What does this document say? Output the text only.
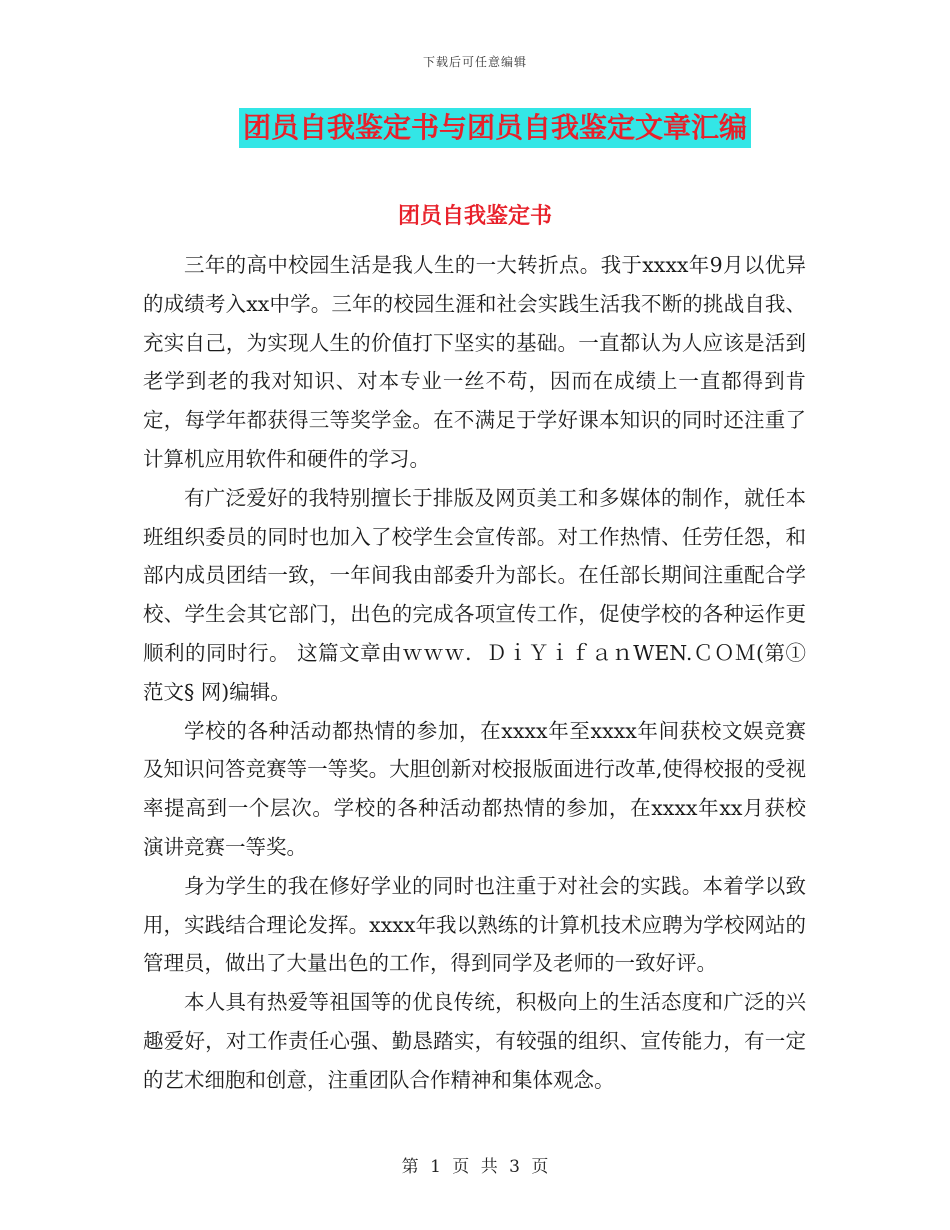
下载后可任意编辑
团员自我鉴定书与团员自我鉴定文章汇编
团员自我鉴定书

三年的高中校园生活是我人生的一大转折点。我于xxxx年9月以优异的成绩考入xx中学。三年的校园生涯和社会实践生活我不断的挑战自我、充实自己，为实现人生的价值打下坚实的基础。一直都认为人应该是活到老学到老的我对知识、对本专业一丝不苟，因而在成绩上一直都得到肯定，每学年都获得三等奖学金。在不满足于学好课本知识的同时还注重了计算机应用软件和硬件的学习。

有广泛爱好的我特别擅长于排版及网页美工和多媒体的制作，就任本班组织委员的同时也加入了校学生会宣传部。对工作热情、任劳任怨，和部内成员团结一致，一年间我由部委升为部长。在任部长期间注重配合学校、学生会其它部门，出色的完成各项宣传工作，促使学校的各种运作更顺利的同时行。 这篇文章由ｗｗｗ．ＤｉＹｉｆａｎWEN.ＣＯＭ(第①范文§ 网)编辑。

学校的各种活动都热情的参加，在xxxx年至xxxx年间获校文娱竞赛及知识问答竞赛等一等奖。大胆创新对校报版面进行改革,使得校报的受视率提高到一个层次。学校的各种活动都热情的参加，在xxxx年xx月获校演讲竞赛一等奖。

身为学生的我在修好学业的同时也注重于对社会的实践。本着学以致用，实践结合理论发挥。xxxx年我以熟练的计算机技术应聘为学校网站的管理员，做出了大量出色的工作，得到同学及老师的一致好评。

本人具有热爱等祖国等的优良传统，积极向上的生活态度和广泛的兴趣爱好，对工作责任心强、勤恳踏实，有较强的组织、宣传能力，有一定的艺术细胞和创意，注重团队合作精神和集体观念。

第 1 页 共 3 页
